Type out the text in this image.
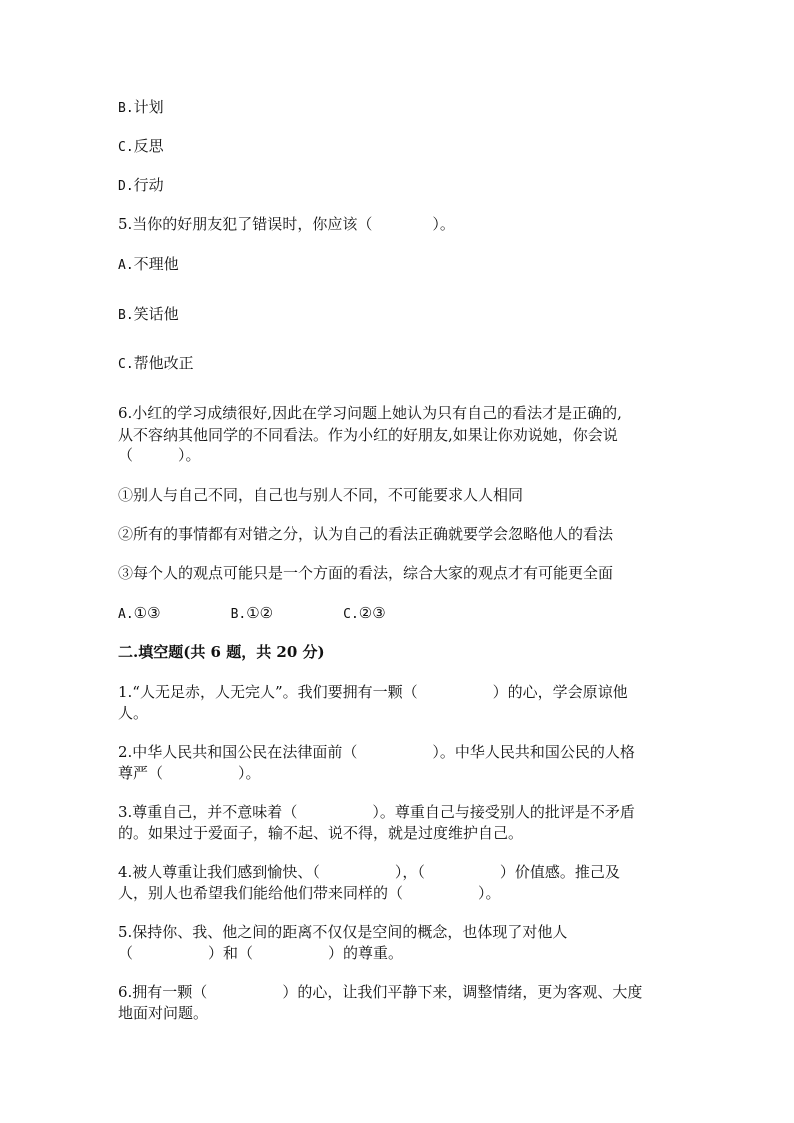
B.计划
C.反思
D.行动
5.当你的好朋友犯了错误时，你应该（　　　　）。
A.不理他
B.笑话他
C.帮他改正
6.小红的学习成绩很好,因此在学习问题上她认为只有自己的看法才是正确的,
从不容纳其他同学的不同看法。作为小红的好朋友,如果让你劝说她，你会说
（　　　）。
①别人与自己不同，自己也与别人不同，不可能要求人人相同
②所有的事情都有对错之分，认为自己的看法正确就要学会忽略他人的看法
③每个人的观点可能只是一个方面的看法，综合大家的观点才有可能更全面
A.①③	B.①②	C.②③
二.填空题(共 6 题，共 20 分)
1.“人无足赤，人无完人”。我们要拥有一颗（　　　　　）的心，学会原谅他
人。
2.中华人民共和国公民在法律面前（　　　　　）。中华人民共和国公民的人格
尊严（　　　　　）。
3.尊重自己，并不意味着（　　　　　）。尊重自己与接受别人的批评是不矛盾
的。如果过于爱面子，输不起、说不得，就是过度维护自己。
4.被人尊重让我们感到愉快、（　　　　　），（　　　　　）价值感。推己及
人，别人也希望我们能给他们带来同样的（　　　　　）。
5.保持你、我、他之间的距离不仅仅是空间的概念，也体现了对他人
（　　　　　）和（　　　　　）的尊重。
6.拥有一颗（　　　　　）的心，让我们平静下来，调整情绪，更为客观、大度
地面对问题。
